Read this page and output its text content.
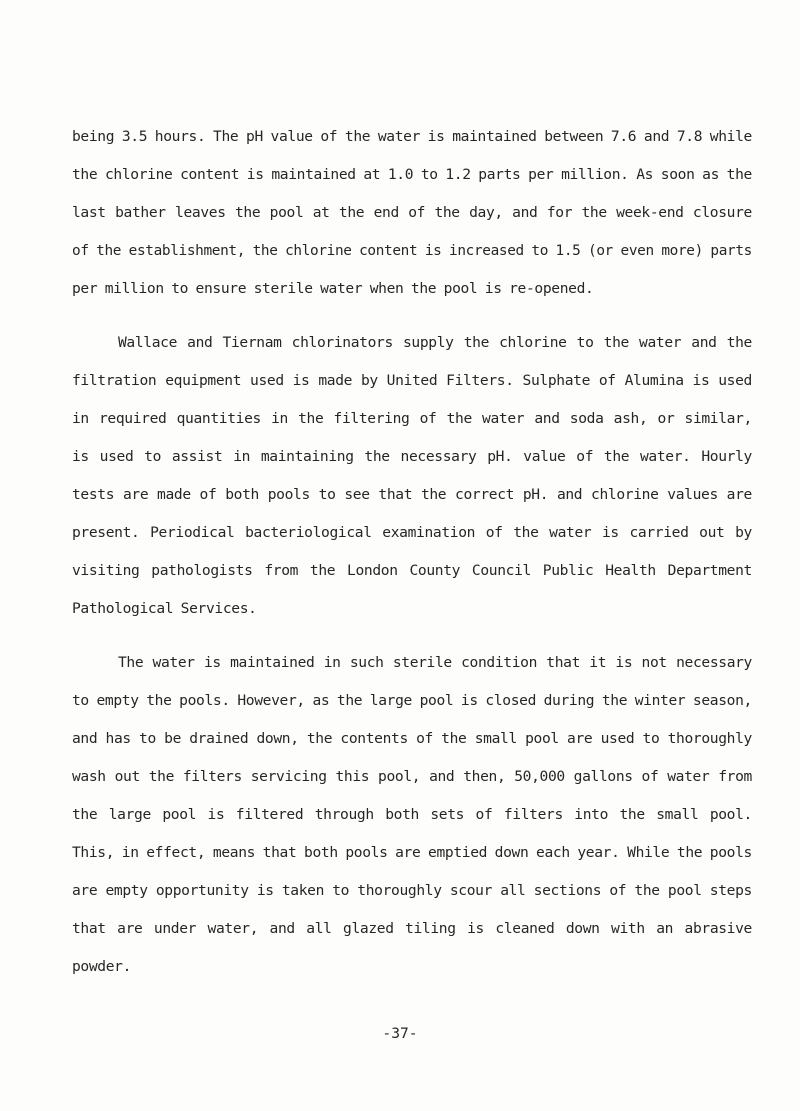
being 3.5 hours. The pH value of the water is maintained between 7.6 and 7.8 while
the chlorine content is maintained at 1.0 to 1.2 parts per million. As soon as the
last bather leaves the pool at the end of the day, and for the week-end closure
of the establishment, the chlorine content is increased to 1.5 (or even more) parts
per million to ensure sterile water when the pool is re-opened.

Wallace and Tiernam chlorinators supply the chlorine to the water and the
filtration equipment used is made by United Filters. Sulphate of Alumina is used
in required quantities in the filtering of the water and soda ash, or similar,
is used to assist in maintaining the necessary pH. value of the water. Hourly
tests are made of both pools to see that the correct pH. and chlorine values are
present. Periodical bacteriological examination of the water is carried out by
visiting pathologists from the London County Council Public Health Department
Pathological Services.

The water is maintained in such sterile condition that it is not necessary
to empty the pools. However, as the large pool is closed during the winter season,
and has to be drained down, the contents of the small pool are used to thoroughly
wash out the filters servicing this pool, and then, 50,000 gallons of water from
the large pool is filtered through both sets of filters into the small pool.
This, in effect, means that both pools are emptied down each year. While the pools
are empty opportunity is taken to thoroughly scour all sections of the pool steps
that are under water, and all glazed tiling is cleaned down with an abrasive
powder.

-37-
